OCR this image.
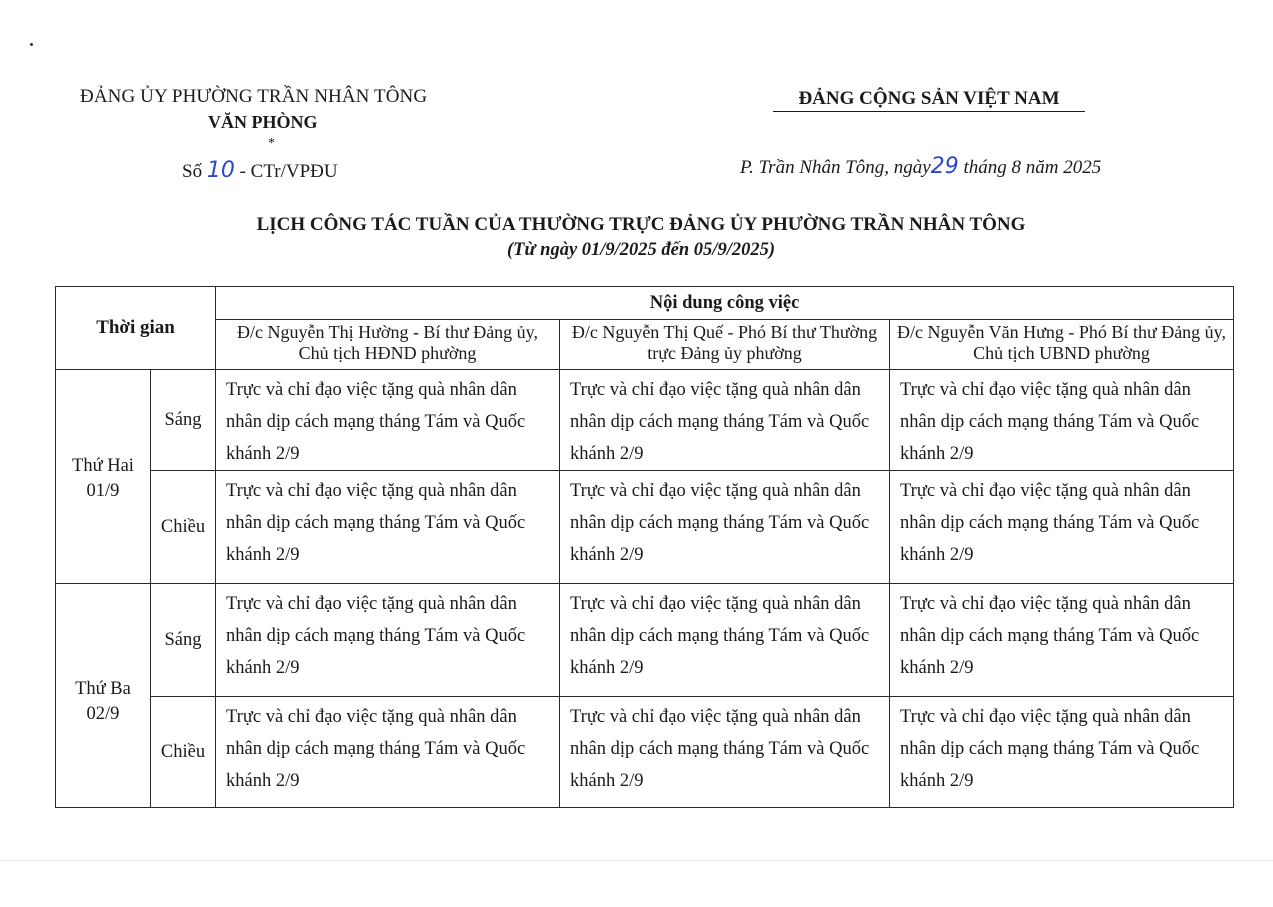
ĐẢNG ỦY PHƯỜNG TRẦN NHÂN TÔNG
VĂN PHÒNG
*
Số 10 - CTr/VPĐU
ĐẢNG CỘNG SẢN VIỆT NAM
P. Trần Nhân Tông, ngày29 tháng 8 năm 2025
LỊCH CÔNG TÁC TUẦN CỦA THƯỜNG TRỰC ĐẢNG ỦY PHƯỜNG TRẦN NHÂN TÔNG
(Từ ngày 01/9/2025 đến 05/9/2025)
Thời gian		Nội dung công việc		
		Đ/c Nguyễn Thị Hường - Bí thư Đảng ủy, Chủ tịch HĐND phường	Đ/c Nguyễn Thị Quế - Phó Bí thư Thường trực Đảng ủy phường	Đ/c Nguyễn Văn Hưng - Phó Bí thư Đảng ủy, Chủ tịch UBND phường

Thứ Hai
01/9	Sáng	Trực và chỉ đạo việc tặng quà nhân dân nhân dịp cách mạng tháng Tám và Quốc khánh 2/9	Trực và chỉ đạo việc tặng quà nhân dân nhân dịp cách mạng tháng Tám và Quốc khánh 2/9	Trực và chỉ đạo việc tặng quà nhân dân nhân dịp cách mạng tháng Tám và Quốc khánh 2/9
	Chiều	Trực và chỉ đạo việc tặng quà nhân dân nhân dịp cách mạng tháng Tám và Quốc khánh 2/9	Trực và chỉ đạo việc tặng quà nhân dân nhân dịp cách mạng tháng Tám và Quốc khánh 2/9	Trực và chỉ đạo việc tặng quà nhân dân nhân dịp cách mạng tháng Tám và Quốc khánh 2/9

Thứ Ba
02/9	Sáng	Trực và chỉ đạo việc tặng quà nhân dân nhân dịp cách mạng tháng Tám và Quốc khánh 2/9	Trực và chỉ đạo việc tặng quà nhân dân nhân dịp cách mạng tháng Tám và Quốc khánh 2/9	Trực và chỉ đạo việc tặng quà nhân dân nhân dịp cách mạng tháng Tám và Quốc khánh 2/9
	Chiều	Trực và chỉ đạo việc tặng quà nhân dân nhân dịp cách mạng tháng Tám và Quốc khánh 2/9	Trực và chỉ đạo việc tặng quà nhân dân nhân dịp cách mạng tháng Tám và Quốc khánh 2/9	Trực và chỉ đạo việc tặng quà nhân dân nhân dịp cách mạng tháng Tám và Quốc khánh 2/9
